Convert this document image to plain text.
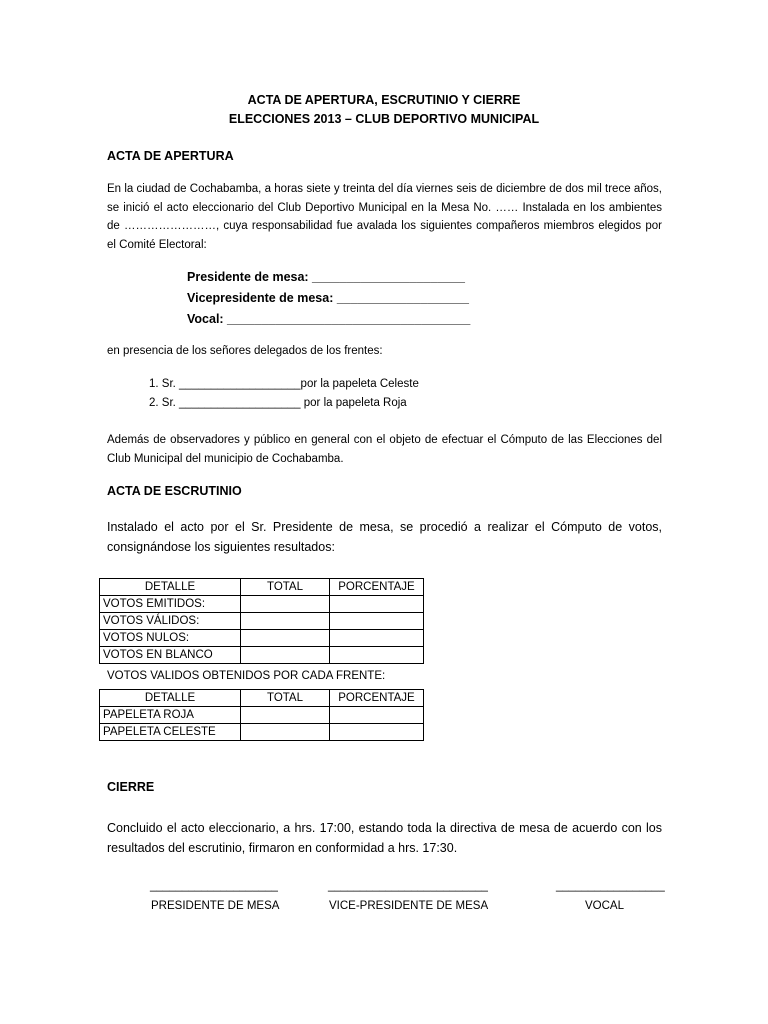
ACTA DE APERTURA, ESCRUTINIO Y CIERRE
ELECCIONES 2013 – CLUB DEPORTIVO MUNICIPAL
ACTA DE APERTURA
En la ciudad de Cochabamba, a horas siete y treinta del día viernes seis de diciembre de dos mil trece años, se inició el acto eleccionario del Club Deportivo Municipal en la Mesa No. …… Instalada en los ambientes de ……………………, cuya responsabilidad fue avalada los siguientes compañeros miembros elegidos por el Comité Electoral:
Presidente de mesa: ______________________
Vicepresidente de mesa: ___________________
Vocal: ___________________________________
en presencia de los señores delegados de los frentes:
1. Sr. ___________________por la papeleta Celeste
2. Sr. ___________________ por la papeleta Roja
Además de observadores y público en general con el objeto de efectuar el Cómputo de las Elecciones del Club Municipal del municipio de Cochabamba.
ACTA DE ESCRUTINIO
Instalado el acto por el Sr. Presidente de mesa, se procedió a realizar el Cómputo de votos, consignándose los siguientes resultados:
DETALLE	TOTAL	PORCENTAJE
VOTOS EMITIDOS:		
VOTOS VÁLIDOS:		
VOTOS NULOS:		
VOTOS EN BLANCO		
VOTOS VALIDOS OBTENIDOS POR CADA FRENTE:
DETALLE	TOTAL	PORCENTAJE
PAPELETA ROJA		
PAPELETA CELESTE		
CIERRE
Concluido el acto eleccionario, a hrs. 17:00, estando toda la directiva de mesa de acuerdo con los resultados del escrutinio, firmaron en conformidad a hrs. 17:30.
____________________	_________________________	_________________
PRESIDENTE DE MESA	VICE-PRESIDENTE DE MESA	VOCAL
